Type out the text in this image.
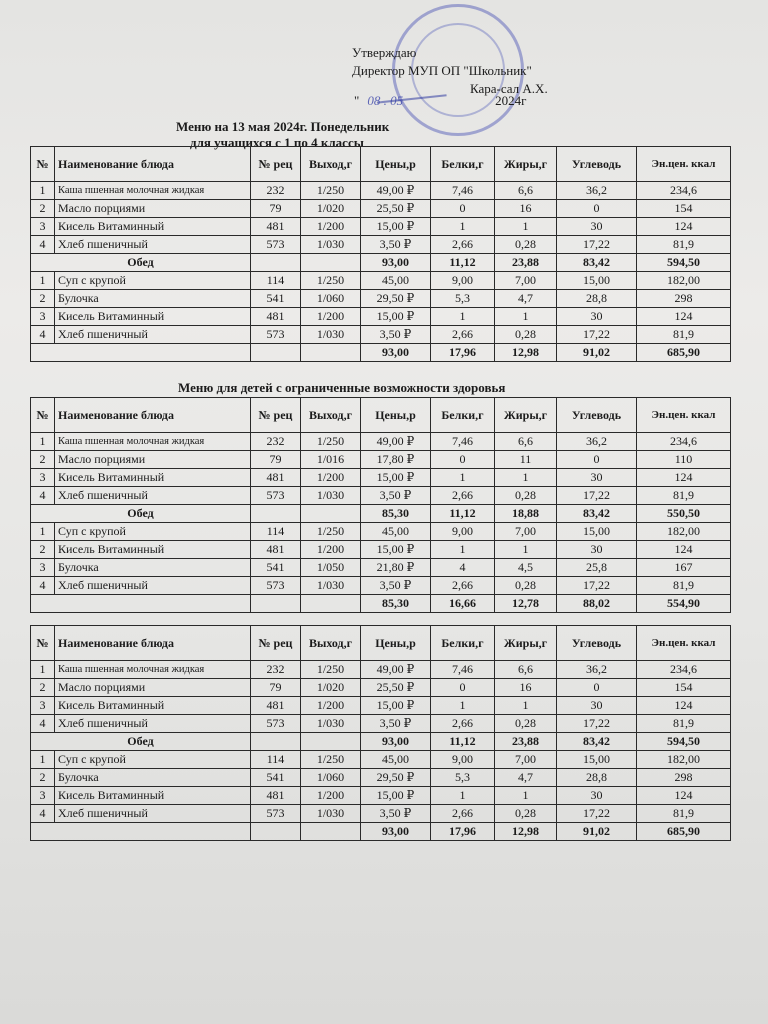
Утверждаю
Директор МУП ОП "Школьник"
Кара-сал А.Х.
" 08 . 05	2024г
Меню на 13 мая 2024г. Понедельник
для учащихся с 1 по 4 классы
Меню для детей с ограниченные возможности здоровья
№	Наименование блюда	№ рец	Выход,г	Цены,р	Белки,г	Жиры,г	Углеводь	Эн.цен. ккал
1	Каша пшенная молочная жидкая	232	1/250	49,00 ₽	7,46	6,6	36,2	234,6
2	Масло порциями	79	1/020	25,50 ₽	0	16	0	154
3	Кисель Витаминный	481	1/200	15,00 ₽	1	1	30	124
4	Хлеб пшеничный	573	1/030	3,50 ₽	2,66	0,28	17,22	81,9
Обед				93,00	11,12	23,88	83,42	594,50
1	Суп с крупой	114	1/250	45,00	9,00	7,00	15,00	182,00
2	Булочка	541	1/060	29,50 ₽	5,3	4,7	28,8	298
3	Кисель Витаминный	481	1/200	15,00 ₽	1	1	30	124
4	Хлеб пшеничный	573	1/030	3,50 ₽	2,66	0,28	17,22	81,9
				93,00	17,96	12,98	91,02	685,90
№	Наименование блюда	№ рец	Выход,г	Цены,р	Белки,г	Жиры,г	Углеводь	Эн.цен. ккал
1	Каша пшенная молочная жидкая	232	1/250	49,00 ₽	7,46	6,6	36,2	234,6
2	Масло порциями	79	1/016	17,80 ₽	0	11	0	110
3	Кисель Витаминный	481	1/200	15,00 ₽	1	1	30	124
4	Хлеб пшеничный	573	1/030	3,50 ₽	2,66	0,28	17,22	81,9
Обед				85,30	11,12	18,88	83,42	550,50
1	Суп с крупой	114	1/250	45,00	9,00	7,00	15,00	182,00
2	Кисель Витаминный	481	1/200	15,00 ₽	1	1	30	124
3	Булочка	541	1/050	21,80 ₽	4	4,5	25,8	167
4	Хлеб пшеничный	573	1/030	3,50 ₽	2,66	0,28	17,22	81,9
				85,30	16,66	12,78	88,02	554,90
№	Наименование блюда	№ рец	Выход,г	Цены,р	Белки,г	Жиры,г	Углеводь	Эн.цен. ккал
1	Каша пшенная молочная жидкая	232	1/250	49,00 ₽	7,46	6,6	36,2	234,6
2	Масло порциями	79	1/020	25,50 ₽	0	16	0	154
3	Кисель Витаминный	481	1/200	15,00 ₽	1	1	30	124
4	Хлеб пшеничный	573	1/030	3,50 ₽	2,66	0,28	17,22	81,9
Обед				93,00	11,12	23,88	83,42	594,50
1	Суп с крупой	114	1/250	45,00	9,00	7,00	15,00	182,00
2	Булочка	541	1/060	29,50 ₽	5,3	4,7	28,8	298
3	Кисель Витаминный	481	1/200	15,00 ₽	1	1	30	124
4	Хлеб пшеничный	573	1/030	3,50 ₽	2,66	0,28	17,22	81,9
				93,00	17,96	12,98	91,02	685,90
